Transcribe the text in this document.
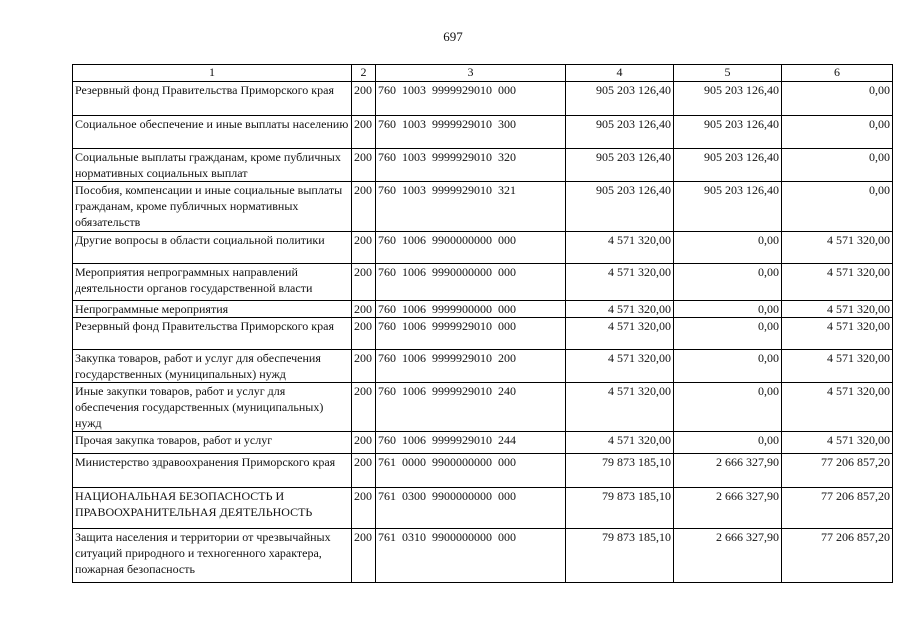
697
1	2	3	4	5	6
Резервный фонд Правительства Приморского края	200	760 1003 9999929010 000	905 203 126,40	905 203 126,40	0,00
Социальное обеспечение и иные выплаты населению	200	760 1003 9999929010 300	905 203 126,40	905 203 126,40	0,00
Социальные выплаты гражданам, кроме публичных нормативных социальных выплат	200	760 1003 9999929010 320	905 203 126,40	905 203 126,40	0,00
Пособия, компенсации и иные социальные выплаты гражданам, кроме публичных нормативных обязательств	200	760 1003 9999929010 321	905 203 126,40	905 203 126,40	0,00
Другие вопросы в области социальной политики	200	760 1006 9900000000 000	4 571 320,00	0,00	4 571 320,00
Мероприятия непрограммных направлений деятельности органов государственной власти	200	760 1006 9990000000 000	4 571 320,00	0,00	4 571 320,00
Непрограммные мероприятия	200	760 1006 9999900000 000	4 571 320,00	0,00	4 571 320,00
Резервный фонд Правительства Приморского края	200	760 1006 9999929010 000	4 571 320,00	0,00	4 571 320,00
Закупка товаров, работ и услуг для обеспечения государственных (муниципальных) нужд	200	760 1006 9999929010 200	4 571 320,00	0,00	4 571 320,00
Иные закупки товаров, работ и услуг для обеспечения государственных (муниципальных) нужд	200	760 1006 9999929010 240	4 571 320,00	0,00	4 571 320,00
Прочая закупка товаров, работ и услуг	200	760 1006 9999929010 244	4 571 320,00	0,00	4 571 320,00
Министерство здравоохранения Приморского края	200	761 0000 9900000000 000	79 873 185,10	2 666 327,90	77 206 857,20
НАЦИОНАЛЬНАЯ БЕЗОПАСНОСТЬ И ПРАВООХРАНИТЕЛЬНАЯ ДЕЯТЕЛЬНОСТЬ	200	761 0300 9900000000 000	79 873 185,10	2 666 327,90	77 206 857,20
Защита населения и территории от чрезвычайных ситуаций природного и техногенного характера, пожарная безопасность	200	761 0310 9900000000 000	79 873 185,10	2 666 327,90	77 206 857,20
